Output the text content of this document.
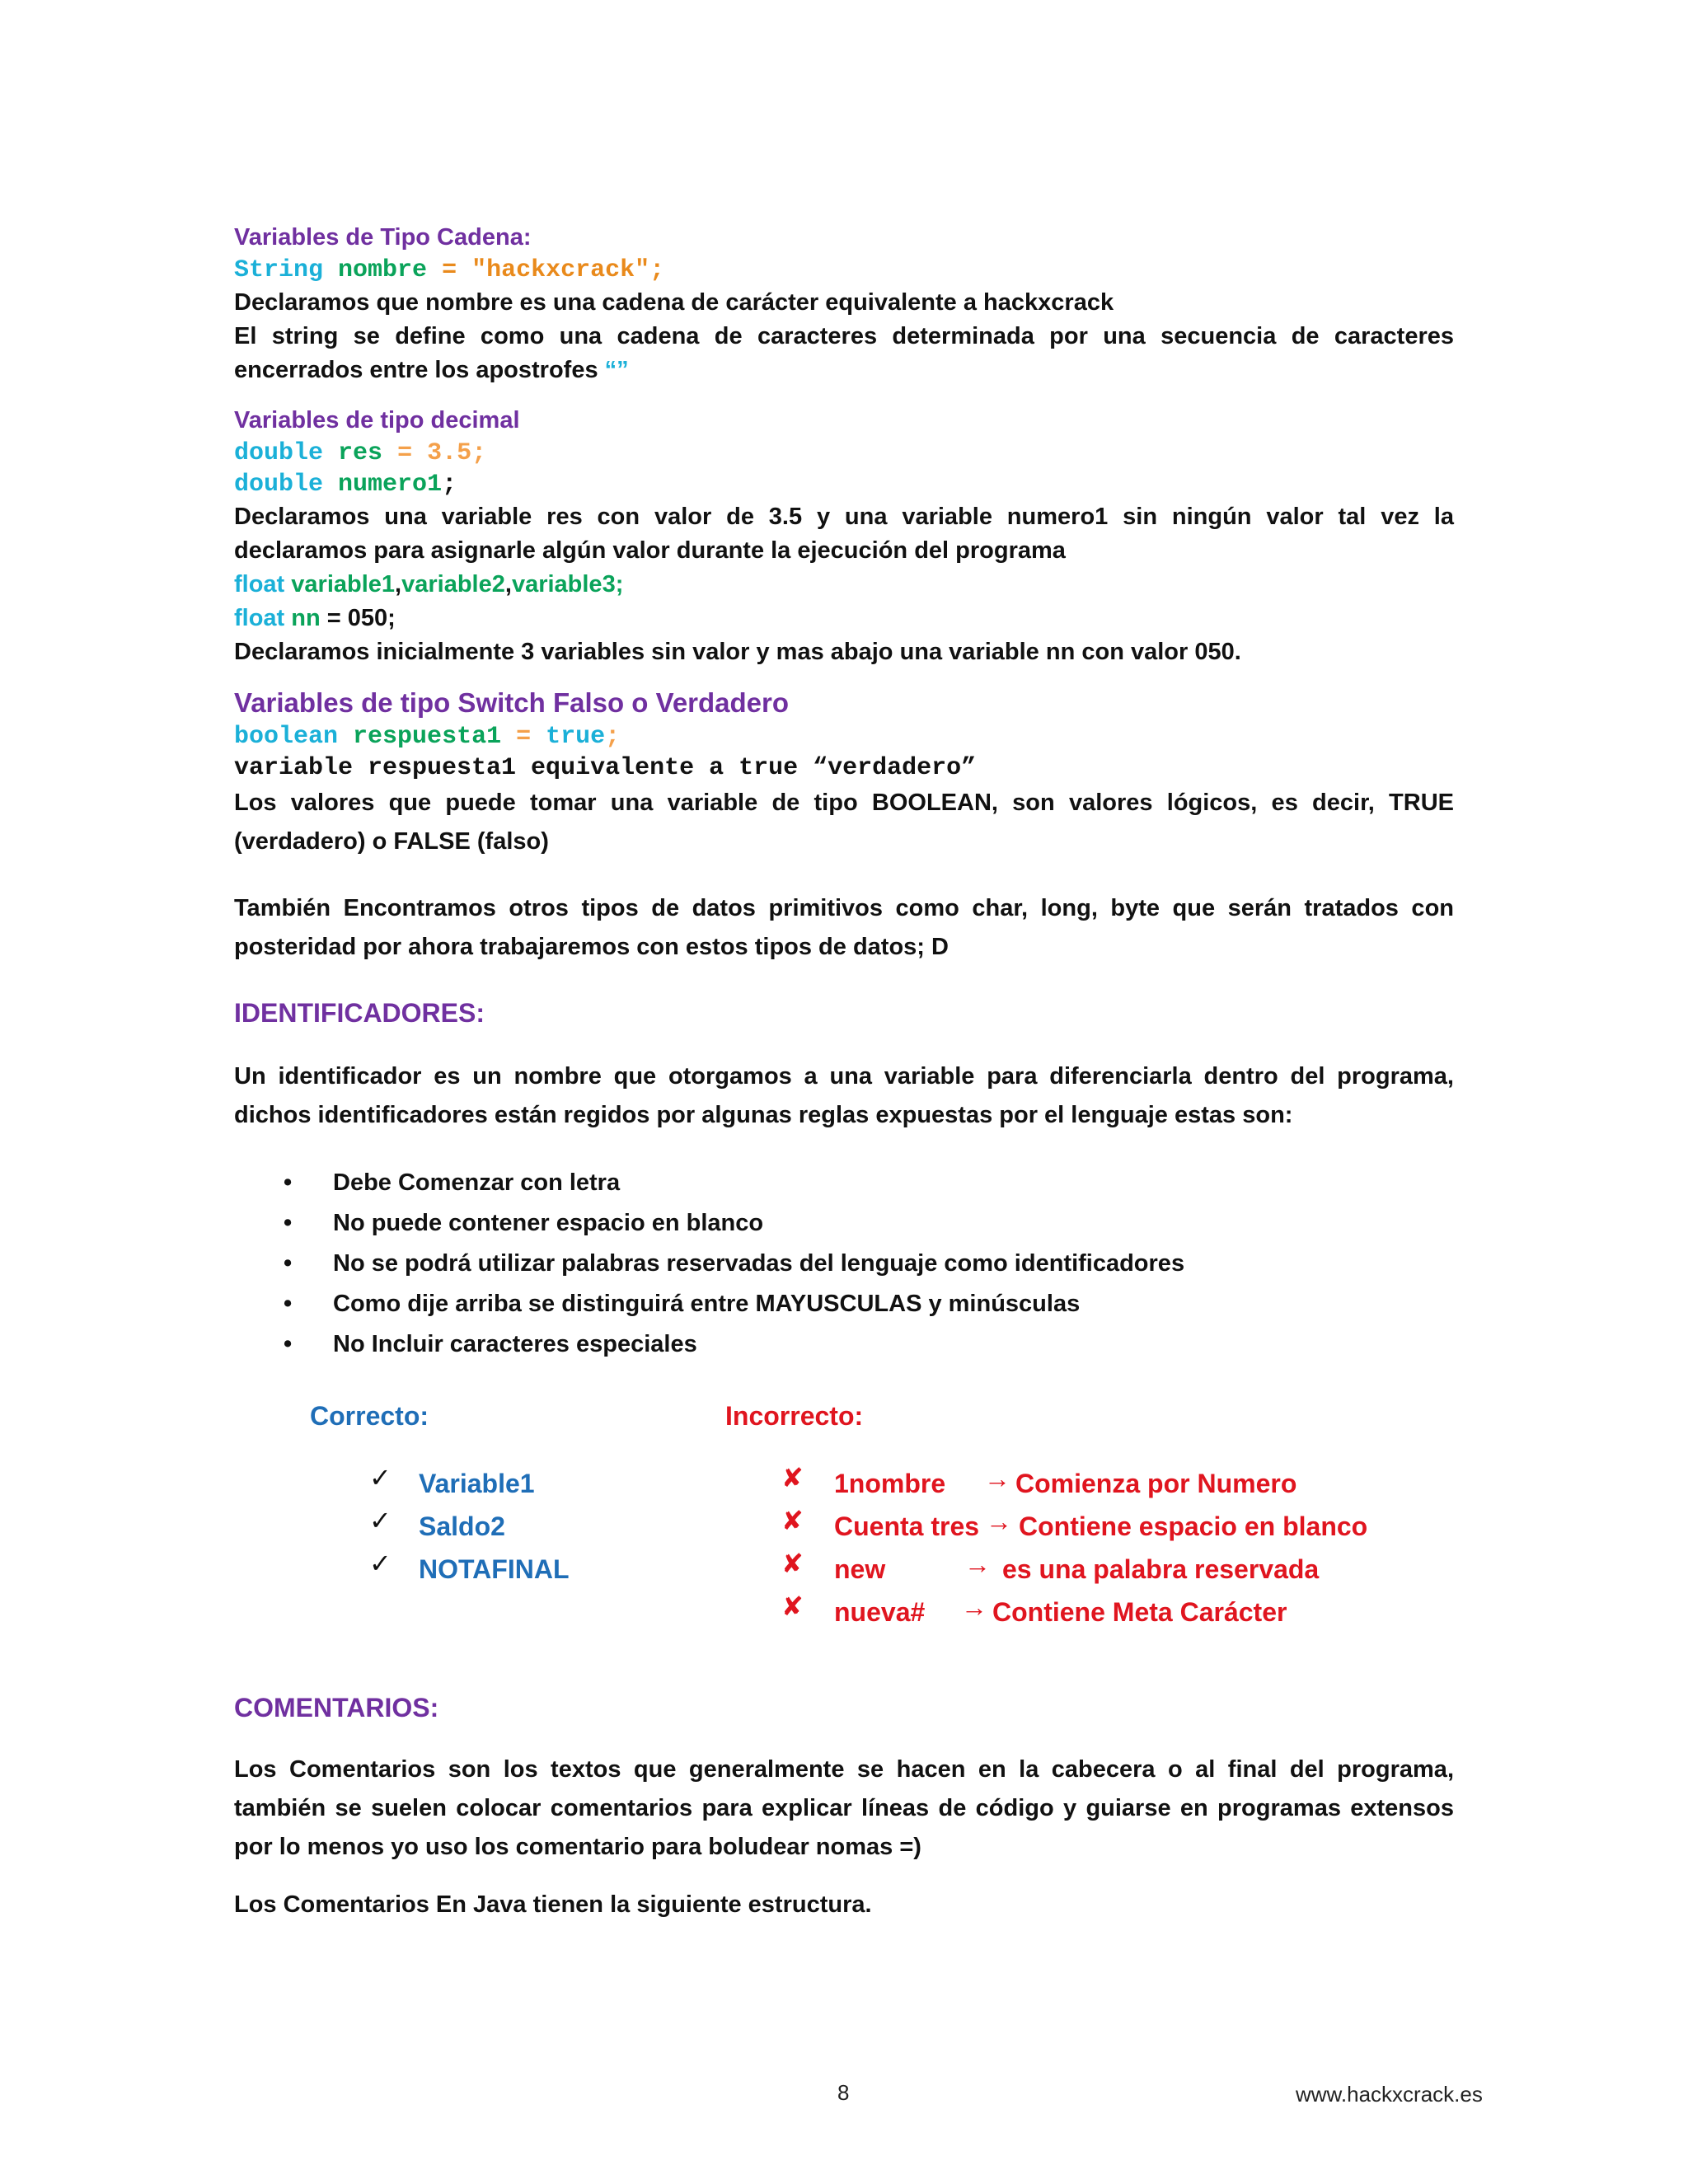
Variables de Tipo Cadena:
String nombre = "hackxcrack";
Declaramos que nombre es una cadena de carácter equivalente a hackxcrack
El string se define como una cadena de caracteres determinada por una secuencia de caracteres encerrados entre los apostrofes “”
Variables de tipo decimal
double res = 3.5;
double numero1;
Declaramos una variable res con valor de 3.5 y una variable numero1 sin ningún valor tal vez la declaramos para asignarle algún valor durante la ejecución del programa
float variable1,variable2,variable3;
float nn = 050;
Declaramos inicialmente 3 variables sin valor y mas abajo una variable nn con valor 050.
Variables de tipo Switch Falso o Verdadero
boolean respuesta1 = true;
variable respuesta1 equivalente a true “verdadero”
Los valores que puede tomar una variable de tipo BOOLEAN, son valores lógicos, es decir, TRUE (verdadero) o FALSE (falso)
También Encontramos otros tipos de datos primitivos como char, long, byte que serán tratados con posteridad por ahora trabajaremos con estos tipos de datos; D
IDENTIFICADORES:
Un identificador es un nombre que otorgamos a una variable para diferenciarla dentro del programa, dichos identificadores están regidos por algunas reglas expuestas por el lenguaje estas son:
• Debe Comenzar con letra
• No puede contener espacio en blanco
• No se podrá utilizar palabras reservadas del lenguaje como identificadores
• Como dije arriba se distinguirá entre MAYUSCULAS y minúsculas
• No Incluir caracteres especiales
Correcto:	Incorrecto:
✓ Variable1
✓ Saldo2
✓ NOTAFINAL
✘ 1nombre → Comienza por Numero
✘ Cuenta tres → Contiene espacio en blanco
✘ new	→ es una palabra reservada
✘ nueva# → Contiene Meta Carácter
COMENTARIOS:
Los Comentarios son los textos que generalmente se hacen en la cabecera o al final del programa, también se suelen colocar comentarios para explicar líneas de código y guiarse en programas extensos por lo menos yo uso los comentario para boludear nomas =)
Los Comentarios En Java tienen la siguiente estructura.
8	www.hackxcrack.es
